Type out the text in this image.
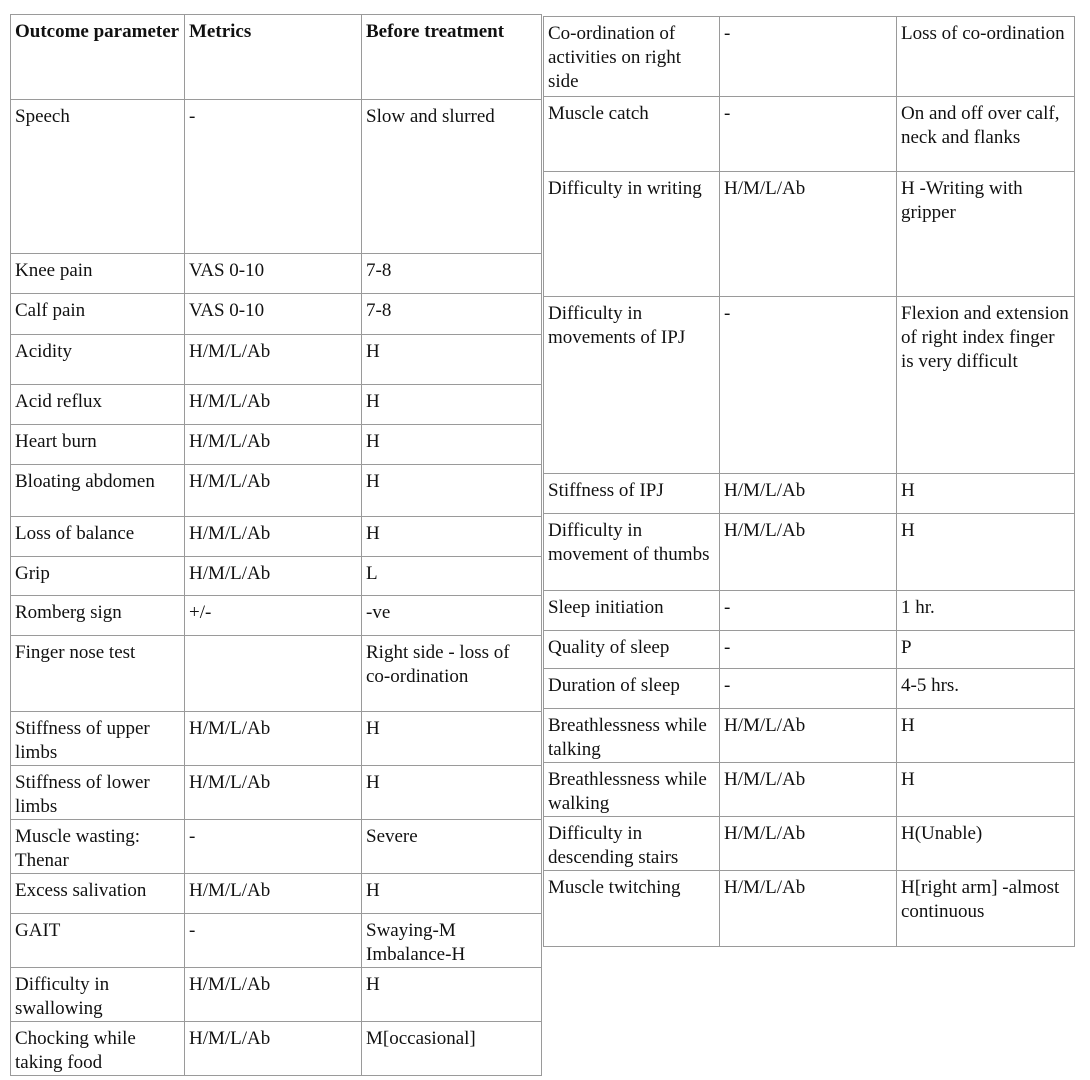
Outcome parameter	Metrics	Before treatment
Speech	-	Slow and slurred
Knee pain	VAS 0-10	7-8
Calf pain	VAS 0-10	7-8
Acidity	H/M/L/Ab	H
Acid reflux	H/M/L/Ab	H
Heart burn	H/M/L/Ab	H
Bloating abdomen	H/M/L/Ab	H
Loss of balance	H/M/L/Ab	H
Grip	H/M/L/Ab	L
Romberg sign	+/-	-ve
Finger nose test		Right side - loss of co-ordination
Stiffness of upper limbs	H/M/L/Ab	H
Stiffness of lower limbs	H/M/L/Ab	H
Muscle wasting: Thenar	-	Severe
Excess salivation	H/M/L/Ab	H
GAIT	-	Swaying-M Imbalance-H
Difficulty in swallowing	H/M/L/Ab	H
Chocking while taking food	H/M/L/Ab	M[occasional]
Co-ordination of activities on right side	-	Loss of co-ordination
Muscle catch	-	On and off over calf, neck and flanks
Difficulty in writing	H/M/L/Ab	H -Writing with gripper

Difficulty in movements of IPJ	-	Flexion and extension of right index finger is very difficult
Stiffness of IPJ	H/M/L/Ab	H
Difficulty in movement of thumbs	H/M/L/Ab	H
Sleep initiation	-	1 hr.
Quality of sleep	-	P
Duration of sleep	-	4-5 hrs.
Breathlessness while talking	H/M/L/Ab	H
Breathlessness while walking	H/M/L/Ab	H
Difficulty in descending stairs	H/M/L/Ab	H(Unable)
Muscle twitching	H/M/L/Ab	H[right arm] -almost continuous
